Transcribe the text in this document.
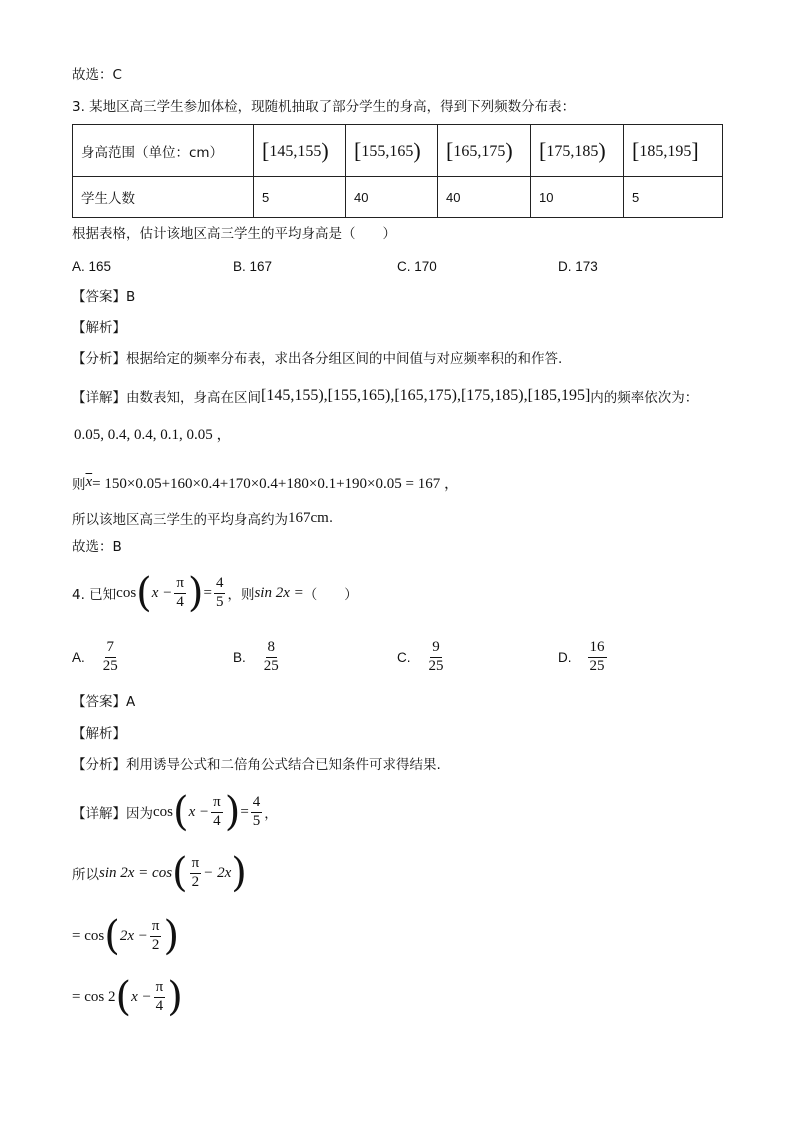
故选：C
3. 某地区高三学生参加体检，现随机抽取了部分学生的身高，得到下列频数分布表：
身高范围（单位：cm）	[145,155)	[155,165)	[165,175)	[175,185)	[185,195]
学生人数	5	40	40	10	5
根据表格，估计该地区高三学生的平均身高是（　　）
A. 165	B. 167	C. 170	D. 173
【答案】B
【解析】
【分析】根据给定的频率分布表，求出各分组区间的中间值与对应频率积的和作答.
【详解】由数表知，身高在区间 [145,155),[155,165),[165,175),[175,185),[185,195] 内的频率依次为：
0.05, 0.4, 0.4, 0.1, 0.05 ，
则 $\overline{x} = 150\times 0.05+160\times 0.4+170\times 0.4+180\times 0.1+190\times 0.05 = 167$ ，
所以该地区高三学生的平均身高约为 167cm .
故选：B
4. 已知 cos ( $x - \frac{\pi}{4}$ ) = $\frac{4}{5}$ ，则 sin 2x = （　　）
A. $\frac{7}{25}$	B. $\frac{8}{25}$	C. $\frac{9}{25}$	D. $\frac{16}{25}$
【答案】A
【解析】
【分析】利用诱导公式和二倍角公式结合已知条件可求得结果.
【详解】因为 cos ( $x - \frac{\pi}{4}$ ) = $\frac{4}{5}$ ，
所以 sin 2x = cos ( $\frac{\pi}{2} - 2x$ )
= cos ( $2x - \frac{\pi}{2}$ )
= cos 2 ( $x - \frac{\pi}{4}$ )
